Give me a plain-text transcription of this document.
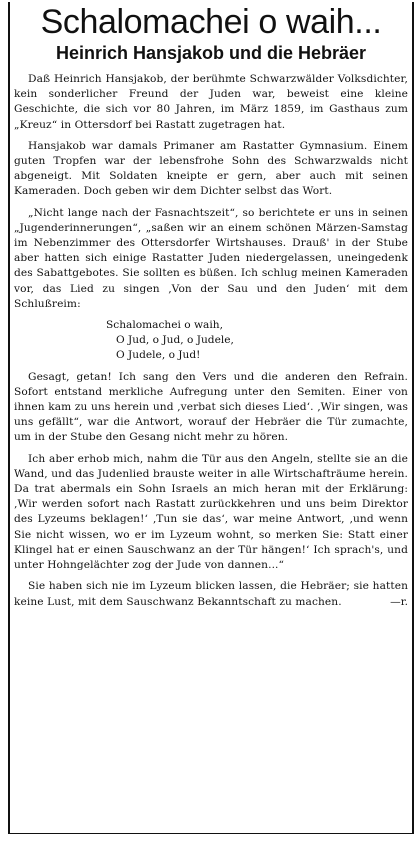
Schalomachei o waih...
Heinrich Hansjakob und die Hebräer

Daß Heinrich Hansjakob, der berühmte Schwarzwälder Volksdichter, kein sonderlicher Freund der Juden war, beweist eine kleine Geschichte, die sich vor 80 Jahren, im März 1859, im Gasthaus zum „Kreuz“ in Ottersdorf bei Rastatt zugetragen hat.

Hansjakob war damals Primaner am Rastatter Gymnasium. Einem guten Tropfen war der lebensfrohe Sohn des Schwarzwalds nicht abgeneigt. Mit Soldaten kneipte er gern, aber auch mit seinen Kameraden. Doch geben wir dem Dichter selbst das Wort.

„Nicht lange nach der Fasnachtszeit“, so berichtete er uns in seinen „Jugenderinnerungen“, „saßen wir an einem schönen Märzen-Samstag im Nebenzimmer des Ottersdorfer Wirtshauses. Drauß' in der Stube aber hatten sich einige Rastatter Juden niedergelassen, uneingedenk des Sabattgebotes. Sie sollten es büßen. Ich schlug meinen Kameraden vor, das Lied zu singen ‚Von der Sau und den Juden‘ mit dem Schlußreim:

Schalomachei o waih,
O Jud, o Jud, o Judele,
O Judele, o Jud!

Gesagt, getan! Ich sang den Vers und die anderen den Refrain. Sofort entstand merkliche Aufregung unter den Semiten. Einer von ihnen kam zu uns herein und ‚verbat sich dieses Lied‘. ‚Wir singen, was uns gefällt“, war die Antwort, worauf der Hebräer die Tür zumachte, um in der Stube den Gesang nicht mehr zu hören.

Ich aber erhob mich, nahm die Tür aus den Angeln, stellte sie an die Wand, und das Judenlied brauste weiter in alle Wirtschafträume herein. Da trat abermals ein Sohn Israels an mich heran mit der Erklärung: ‚Wir werden sofort nach Rastatt zurückkehren und uns beim Direktor des Lyzeums beklagen!‘ ‚Tun sie das‘, war meine Antwort, ‚und wenn Sie nicht wissen, wo er im Lyzeum wohnt, so merken Sie: Statt einer Klingel hat er einen Sauschwanz an der Tür hängen!‘ Ich sprach's, und unter Hohngelächter zog der Jude von dannen...“

Sie haben sich nie im Lyzeum blicken lassen, die Hebräer; sie hatten keine Lust, mit dem Sauschwanz Bekanntschaft zu machen.	—r.
